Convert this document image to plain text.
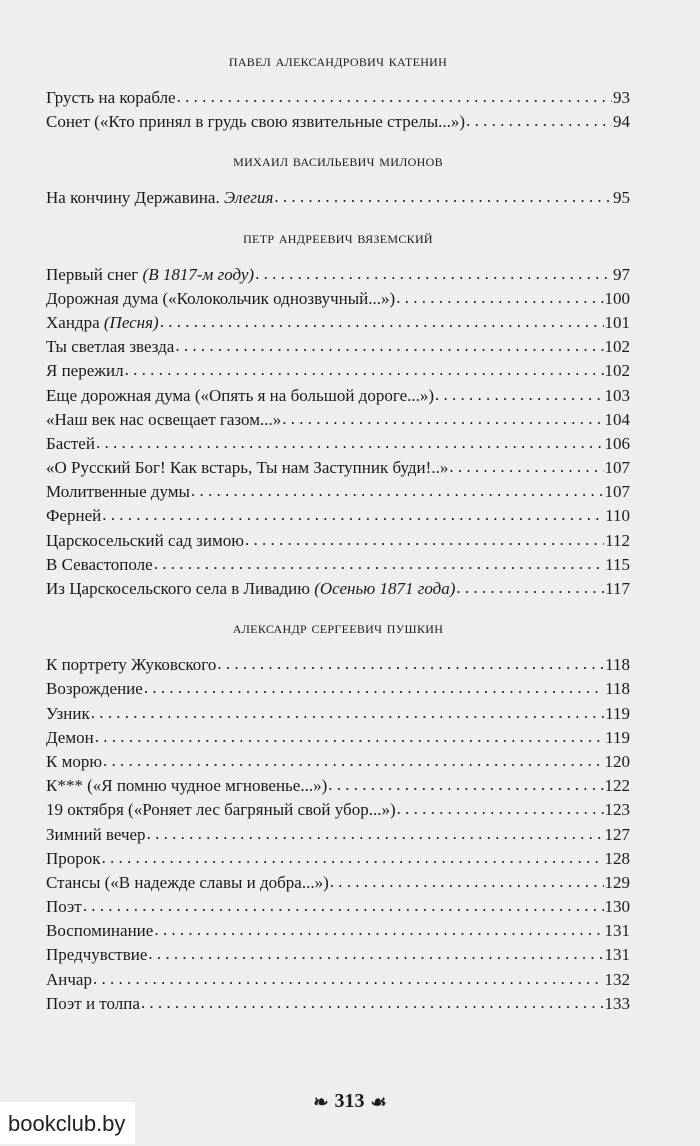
павел александрович катенин
Грусть на корабле . . .	93
Сонет («Кто принял в грудь свою язвительные стрелы...») . . .	94
михаил васильевич милонов
На кончину Державина. Элегия . . .	95
петр андреевич вяземский
Первый снег (В 1817-м году) . . .	97
Дорожная дума («Колокольчик однозвучный...») . . .	100
Хандра (Песня) . . .	101
Ты светлая звезда . . .	102
Я пережил . . .	102
Еще дорожная дума («Опять я на большой дороге...») . . .	103
«Наш век нас освещает газом...» . . .	104
Бастей . . .	106
«О Русский Бог! Как встарь, Ты нам Заступник буди!..» . . .	107
Молитвенные думы . . .	107
Ферней . . .	110
Царскосельский сад зимою . . .	112
В Севастополе . . .	115
Из Царскосельского села в Ливадию (Осенью 1871 года) . . .	117
александр сергеевич пушкин
К портрету Жуковского . . .	118
Возрождение . . .	118
Узник . . .	119
Демон . . .	119
К морю . . .	120
К*** («Я помню чудное мгновенье...») . . .	122
19 октября («Роняет лес багряный свой убор...») . . .	123
Зимний вечер . . .	127
Пророк . . .	128
Стансы («В надежде славы и добра...») . . .	129
Поэт . . .	130
Воспоминание . . .	131
Предчувствие . . .	131
Анчар . . .	132
Поэт и толпа . . .	133
❧ 313 ☙
bookclub.by
